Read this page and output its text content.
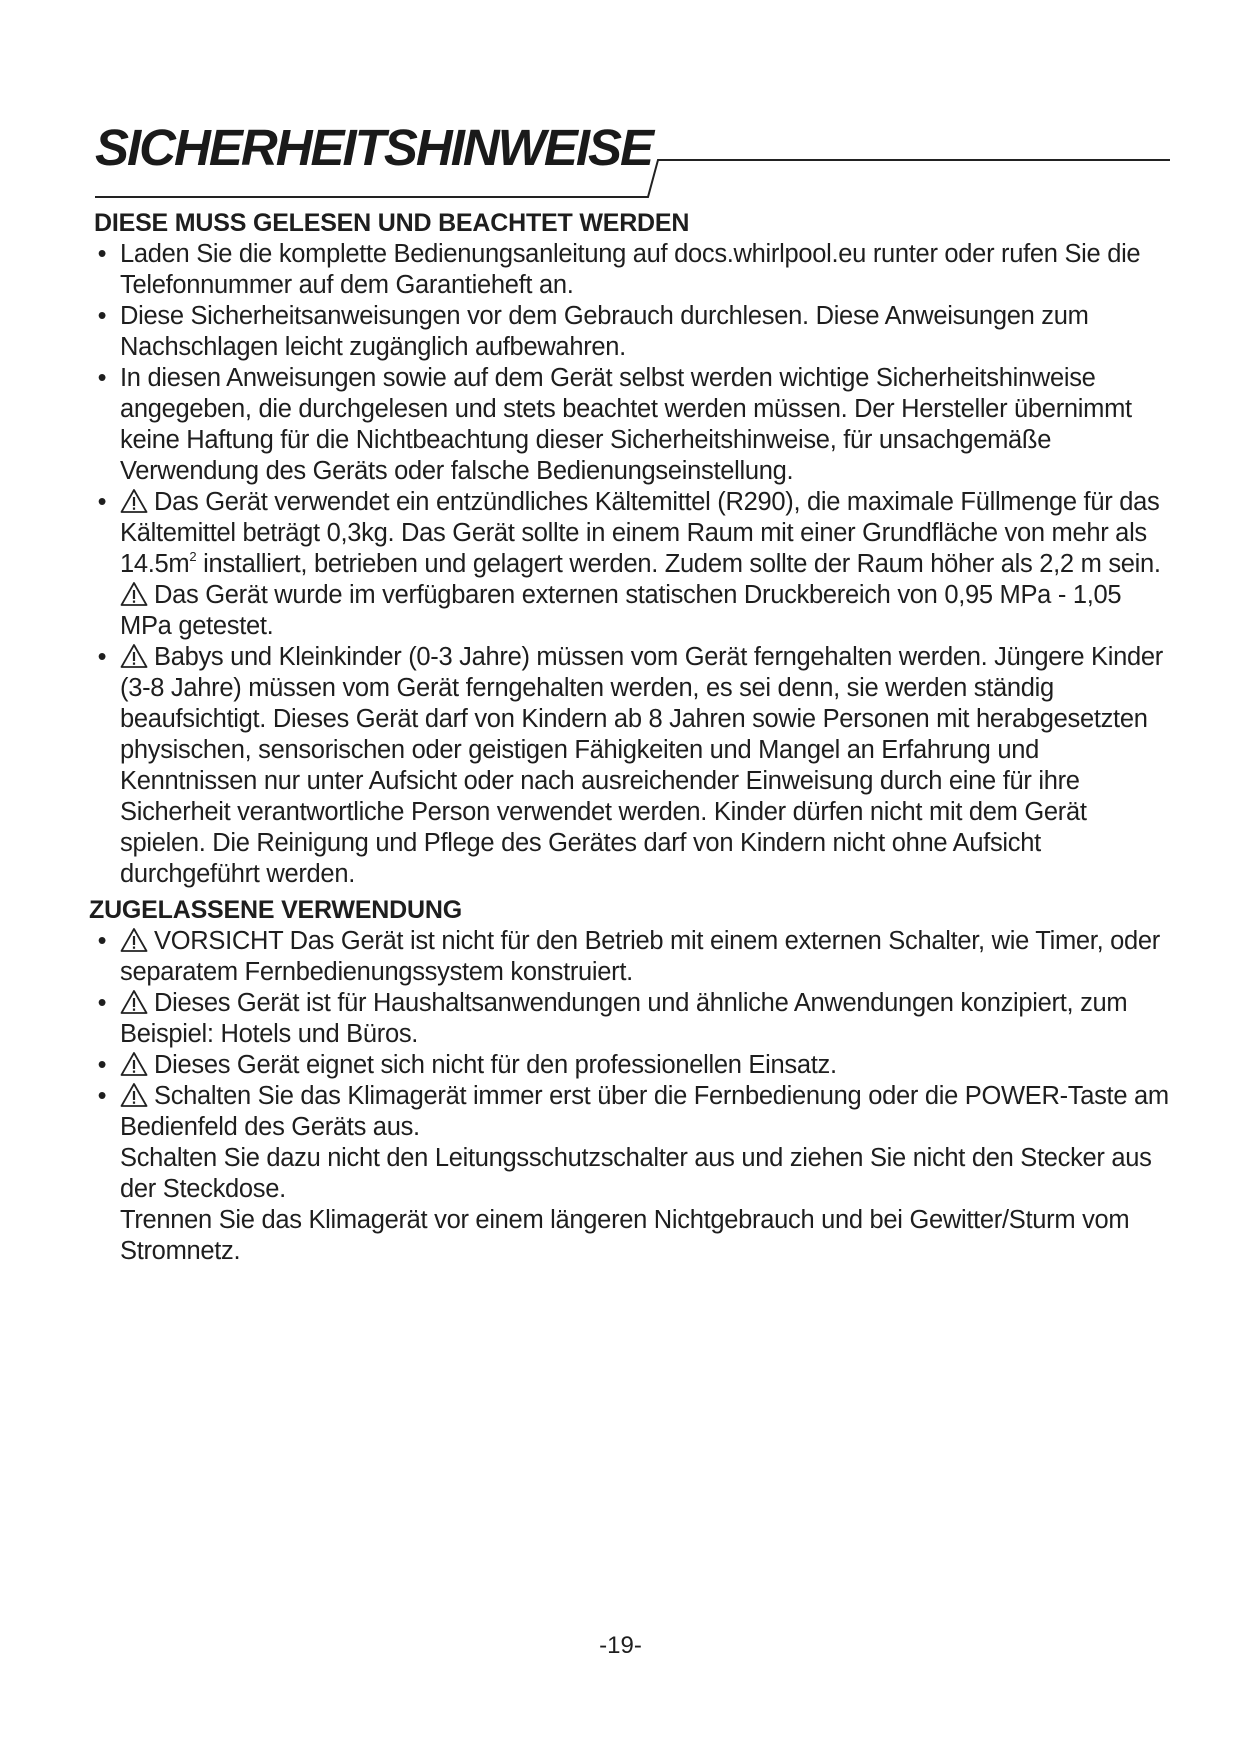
SICHERHEITSHINWEISE

DIESE MUSS GELESEN UND BEACHTET WERDEN

• Laden Sie die komplette Bedienungsanleitung auf docs.whirlpool.eu runter oder rufen Sie die Telefonnummer auf dem Garantieheft an.
• Diese Sicherheitsanweisungen vor dem Gebrauch durchlesen. Diese Anweisungen zum Nachschlagen leicht zugänglich aufbewahren.
• In diesen Anweisungen sowie auf dem Gerät selbst werden wichtige Sicherheitshinweise angegeben, die durchgelesen und stets beachtet werden müssen. Der Hersteller übernimmt keine Haftung für die Nichtbeachtung dieser Sicherheitshinweise, für unsachgemäße Verwendung des Geräts oder falsche Bedienungseinstellung.
•	Das Gerät verwendet ein entzündliches Kältemittel (R290), die maximale Füllmenge für das Kältemittel beträgt 0,3kg. Das Gerät sollte in einem Raum mit einer Grundfläche von mehr als $14.5m^2$ installiert, betrieben und gelagert werden. Zudem sollte der Raum höher als 2,2 m sein.
Das Gerät wurde im verfügbaren externen statischen Druckbereich von 0,95 MPa - 1,05 MPa getestet.
• Babys und Kleinkinder (0-3 Jahre) müssen vom Gerät ferngehalten werden. Jüngere Kinder (3-8 Jahre) müssen vom Gerät ferngehalten werden, es sei denn, sie werden ständig beaufsichtigt. Dieses Gerät darf von Kindern ab 8 Jahren sowie Personen mit herabgesetzten physischen, sensorischen oder geistigen Fähigkeiten und Mangel an Erfahrung und Kenntnissen nur unter Aufsicht oder nach ausreichender Einweisung durch eine für ihre Sicherheit verantwortliche Person verwendet werden. Kinder dürfen nicht mit dem Gerät spielen. Die Reinigung und Pflege des Gerätes darf von Kindern nicht ohne Aufsicht durchgeführt werden.

ZUGELASSENE VERWENDUNG

• VORSICHT Das Gerät ist nicht für den Betrieb mit einem externen Schalter, wie Timer, oder separatem Fernbedienungssystem konstruiert.
• Dieses Gerät ist für Haushaltsanwendungen und ähnliche Anwendungen konzipiert, zum Beispiel: Hotels und Büros.
• Dieses Gerät eignet sich nicht für den professionellen Einsatz.
•	Schalten Sie das Klimagerät immer erst über die Fernbedienung oder die POWER-Taste am Bedienfeld des Geräts aus.
Schalten Sie dazu nicht den Leitungsschutzschalter aus und ziehen Sie nicht den Stecker aus der Steckdose.
Trennen Sie das Klimagerät vor einem längeren Nichtgebrauch und bei Gewitter/Sturm vom Stromnetz.
-19-
